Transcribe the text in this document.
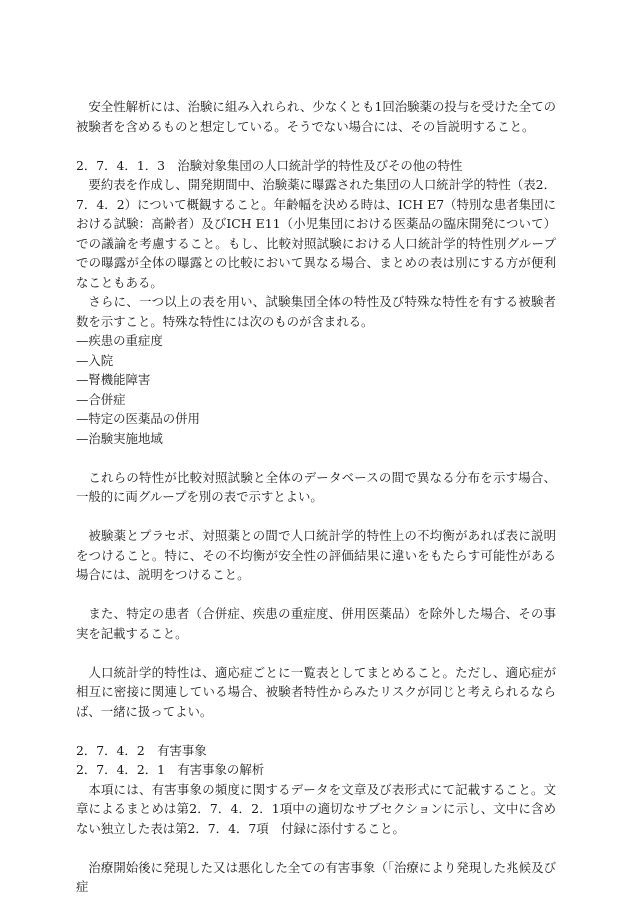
安全性解析には、治験に組み入れられ、少なくとも1回治験薬の投与を受けた全ての被験者を含めるものと想定している。そうでない場合には、その旨説明すること。

2．7．4．1．3　治験対象集団の人口統計学的特性及びその他の特性

要約表を作成し、開発期間中、治験薬に曝露された集団の人口統計学的特性（表2．7．4．2）について概観すること。年齢幅を決める時は、ICH E7（特別な患者集団における試験：高齢者）及びICH E11（小児集団における医薬品の臨床開発について）での議論を考慮すること。もし、比較対照試験における人口統計学的特性別グループでの曝露が全体の曝露との比較において異なる場合、まとめの表は別にする方が便利なこともある。

さらに、一つ以上の表を用い、試験集団全体の特性及び特殊な特性を有する被験者数を示すこと。特殊な特性には次のものが含まれる。

—疾患の重症度

—入院

—腎機能障害

—合併症

—特定の医薬品の併用

—治験実施地域

これらの特性が比較対照試験と全体のデータベースの間で異なる分布を示す場合、一般的に両グループを別の表で示すとよい。

被験薬とプラセボ、対照薬との間で人口統計学的特性上の不均衡があれば表に説明をつけること。特に、その不均衡が安全性の評価結果に違いをもたらす可能性がある場合には、説明をつけること。

また、特定の患者（合併症、疾患の重症度、併用医薬品）を除外した場合、その事実を記載すること。

人口統計学的特性は、適応症ごとに一覧表としてまとめること。ただし、適応症が相互に密接に関連している場合、被験者特性からみたリスクが同じと考えられるならば、一緒に扱ってよい。

2．7．4．2　有害事象

2．7．4．2．1　有害事象の解析

本項には、有害事象の頻度に関するデータを文章及び表形式にて記載すること。文章によるまとめは第2．7．4．2．1項中の適切なサブセクションに示し、文中に含めない独立した表は第2．7．4．7項　付録に添付すること。

治療開始後に発現した又は悪化した全ての有害事象（「治療により発現した兆候及び症
